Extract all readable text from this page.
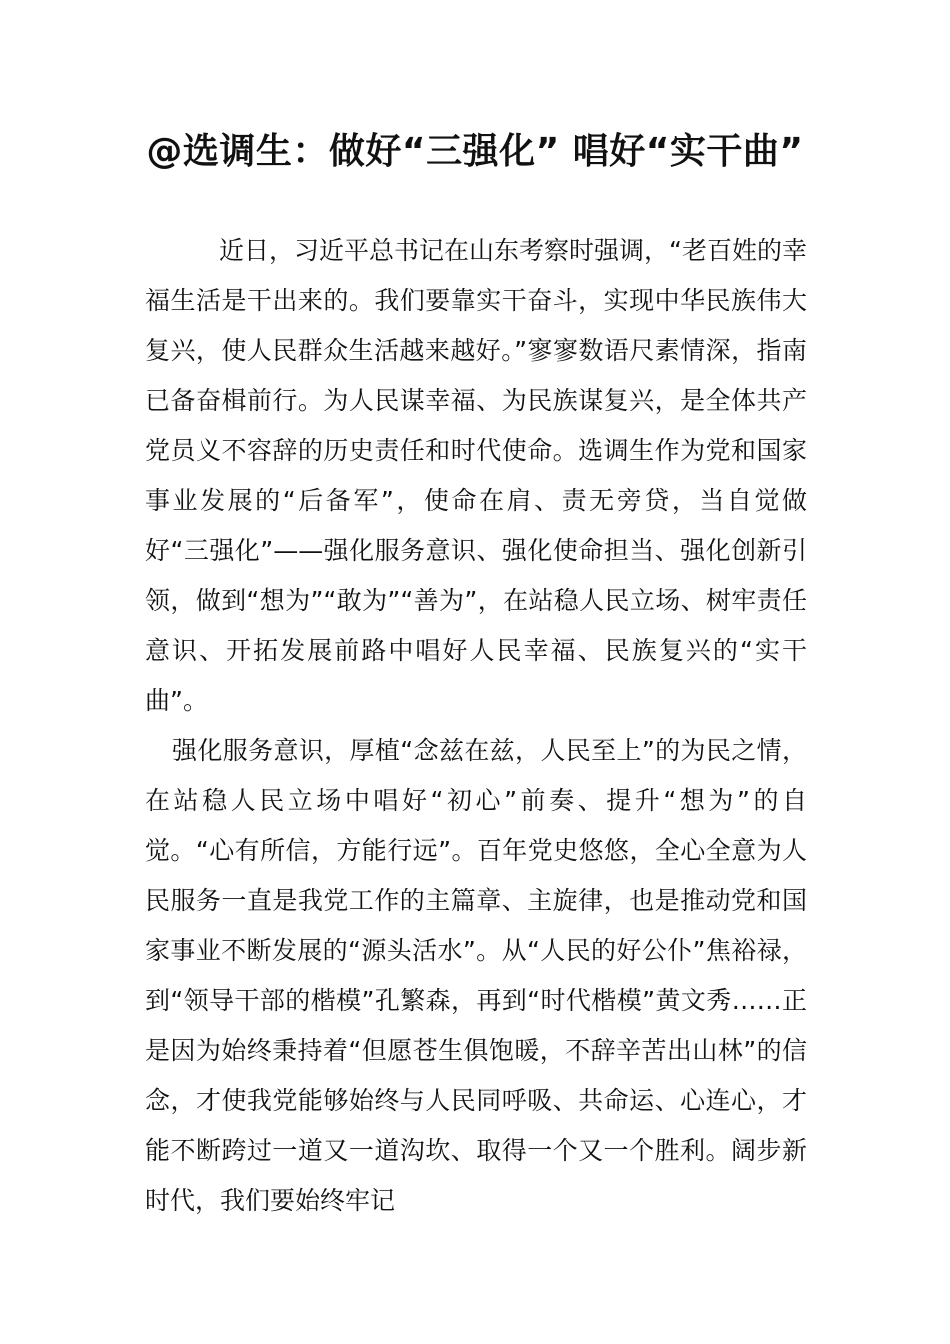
@选调生：做好“三强化” 唱好“实干曲”

近日，习近平总书记在山东考察时强调，“老百姓的幸福生活是干出来的。我们要靠实干奋斗，实现中华民族伟大复兴，使人民群众生活越来越好。”寥寥数语尺素情深，指南已备奋楫前行。为人民谋幸福、为民族谋复兴，是全体共产党员义不容辞的历史责任和时代使命。选调生作为党和国家事业发展的“后备军”，使命在肩、责无旁贷，当自觉做好“三强化”——强化服务意识、强化使命担当、强化创新引领，做到“想为”“敢为”“善为”，在站稳人民立场、树牢责任意识、开拓发展前路中唱好人民幸福、民族复兴的“实干曲”。

强化服务意识，厚植“念兹在兹，人民至上”的为民之情，在站稳人民立场中唱好“初心”前奏、提升“想为”的自觉。“心有所信，方能行远”。百年党史悠悠，全心全意为人民服务一直是我党工作的主篇章、主旋律，也是推动党和国家事业不断发展的“源头活水”。从“人民的好公仆”焦裕禄，到“领导干部的楷模”孔繁森，再到“时代楷模”黄文秀……正是因为始终秉持着“但愿苍生俱饱暖，不辞辛苦出山林”的信念，才使我党能够始终与人民同呼吸、共命运、心连心，才能不断跨过一道又一道沟坎、取得一个又一个胜利。阔步新时代，我们要始终牢记
